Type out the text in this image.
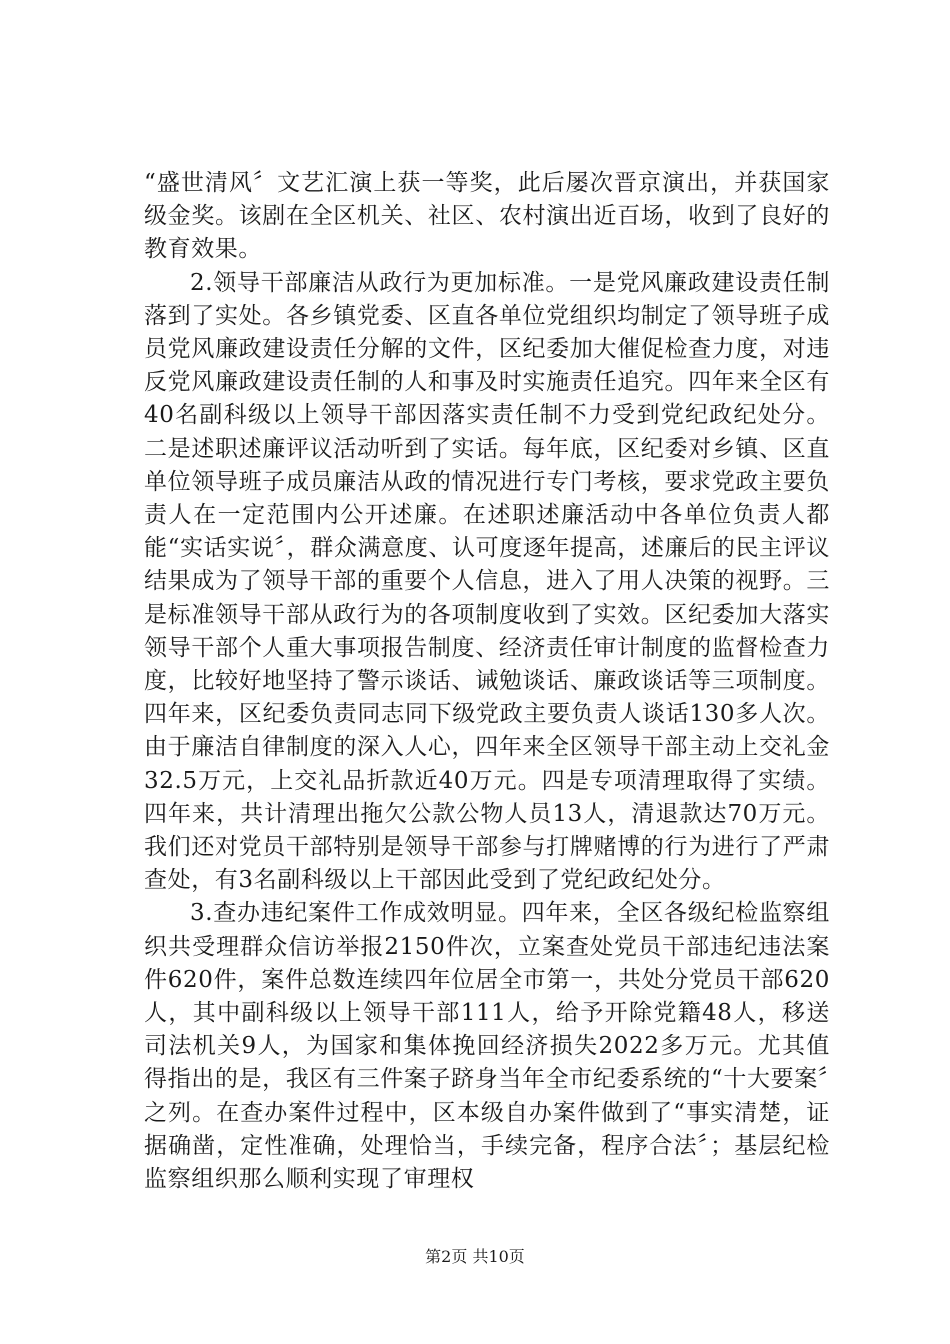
“盛世清风〞文艺汇演上获一等奖，此后屡次晋京演出，并获国家级金奖。该剧在全区机关、社区、农村演出近百场，收到了良好的教育效果。

2.领导干部廉洁从政行为更加标准。一是党风廉政建设责任制落到了实处。各乡镇党委、区直各单位党组织均制定了领导班子成员党风廉政建设责任分解的文件，区纪委加大催促检查力度，对违反党风廉政建设责任制的人和事及时实施责任追究。四年来全区有40名副科级以上领导干部因落实责任制不力受到党纪政纪处分。二是述职述廉评议活动听到了实话。每年底，区纪委对乡镇、区直单位领导班子成员廉洁从政的情况进行专门考核，要求党政主要负责人在一定范围内公开述廉。在述职述廉活动中各单位负责人都能“实话实说〞，群众满意度、认可度逐年提高，述廉后的民主评议结果成为了领导干部的重要个人信息，进入了用人决策的视野。三是标准领导干部从政行为的各项制度收到了实效。区纪委加大落实领导干部个人重大事项报告制度、经济责任审计制度的监督检查力度，比较好地坚持了警示谈话、诫勉谈话、廉政谈话等三项制度。四年来，区纪委负责同志同下级党政主要负责人谈话130多人次。由于廉洁自律制度的深入人心，四年来全区领导干部主动上交礼金32.5万元，上交礼品折款近40万元。四是专项清理取得了实绩。四年来，共计清理出拖欠公款公物人员13人，清退款达70万元。我们还对党员干部特别是领导干部参与打牌赌博的行为进行了严肃查处，有3名副科级以上干部因此受到了党纪政纪处分。

3.查办违纪案件工作成效明显。四年来，全区各级纪检监察组织共受理群众信访举报2150件次，立案查处党员干部违纪违法案件620件，案件总数连续四年位居全市第一，共处分党员干部620人，其中副科级以上领导干部111人，给予开除党籍48人，移送司法机关9人，为国家和集体挽回经济损失2022多万元。尤其值得指出的是，我区有三件案子跻身当年全市纪委系统的“十大要案〞之列。在查办案件过程中，区本级自办案件做到了“事实清楚，证据确凿，定性准确，处理恰当，手续完备，程序合法〞；基层纪检监察组织那么顺利实现了审理权

第2页 共10页
